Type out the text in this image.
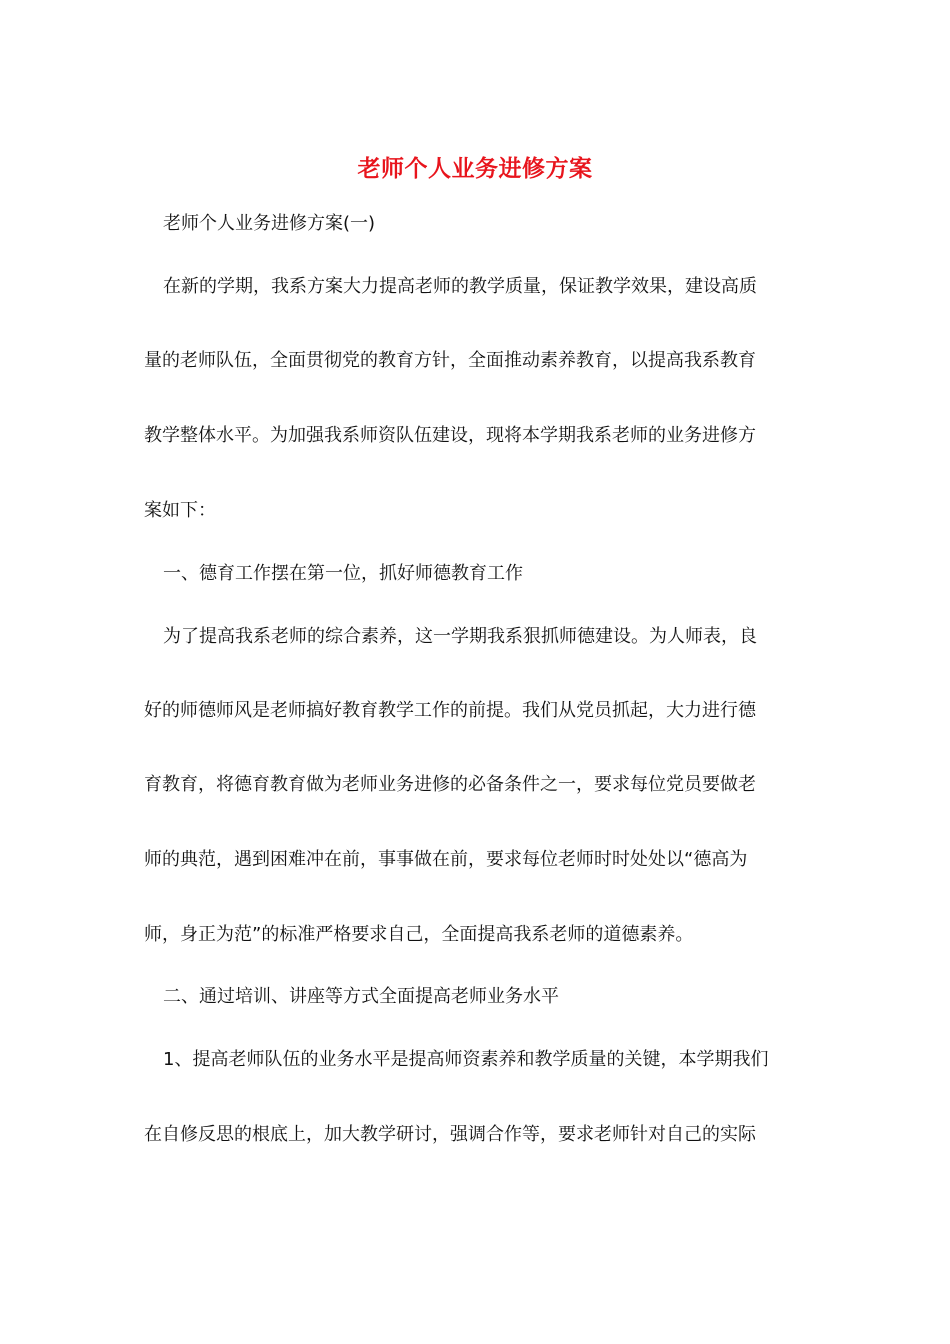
老师个人业务进修方案
老师个人业务进修方案(一)
在新的学期，我系方案大力提高老师的教学质量，保证教学效果，建设高质
量的老师队伍，全面贯彻党的教育方针，全面推动素养教育，以提高我系教育
教学整体水平。为加强我系师资队伍建设，现将本学期我系老师的业务进修方
案如下：
一、德育工作摆在第一位，抓好师德教育工作
为了提高我系老师的综合素养，这一学期我系狠抓师德建设。为人师表，良
好的师德师风是老师搞好教育教学工作的前提。我们从党员抓起，大力进行德
育教育，将德育教育做为老师业务进修的必备条件之一，要求每位党员要做老
师的典范，遇到困难冲在前，事事做在前，要求每位老师时时处处以“德高为
师，身正为范”的标准严格要求自己，全面提高我系老师的道德素养。
二、通过培训、讲座等方式全面提高老师业务水平
1、提高老师队伍的业务水平是提高师资素养和教学质量的关键，本学期我们
在自修反思的根底上，加大教学研讨，强调合作等，要求老师针对自己的实际
